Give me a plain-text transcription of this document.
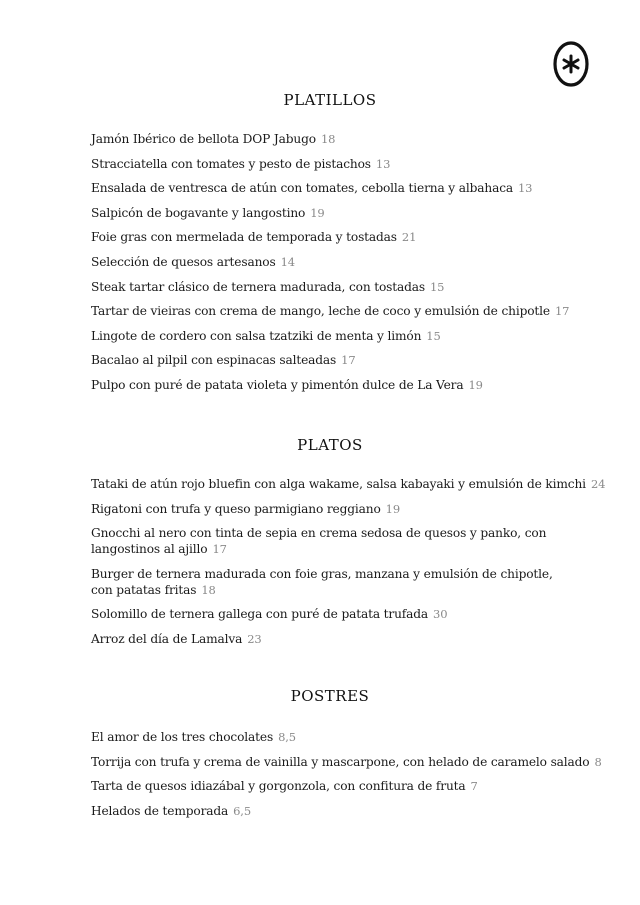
PLATILLOS
Jamón Ibérico de bellota DOP Jabugo 18
Stracciatella con tomates y pesto de pistachos 13
Ensalada de ventresca de atún con tomates, cebolla tierna y albahaca 13
Salpicón de bogavante y langostino 19
Foie gras con mermelada de temporada y tostadas 21
Selección de quesos artesanos 14
Steak tartar clásico de ternera madurada, con tostadas 15
Tartar de vieiras con crema de mango, leche de coco y emulsión de chipotle 17
Lingote de cordero con salsa tzatziki de menta y limón 15
Bacalao al pilpil con espinacas salteadas 17
Pulpo con puré de patata violeta y pimentón dulce de La Vera 19
PLATOS
Tataki de atún rojo bluefin con alga wakame, salsa kabayaki y emulsión de kimchi 24
Rigatoni con trufa y queso parmigiano reggiano 19
Gnocchi al nero con tinta de sepia en crema sedosa de quesos y panko, con
langostinos al ajillo 17
Burger de ternera madurada con foie gras, manzana y emulsión de chipotle,
con patatas fritas 18
Solomillo de ternera gallega con puré de patata trufada 30
Arroz del día de Lamalva 23
POSTRES
El amor de los tres chocolates 8,5
Torrija con trufa y crema de vainilla y mascarpone, con helado de caramelo salado 8
Tarta de quesos idiazábal y gorgonzola, con confitura de fruta 7
Helados de temporada 6,5
